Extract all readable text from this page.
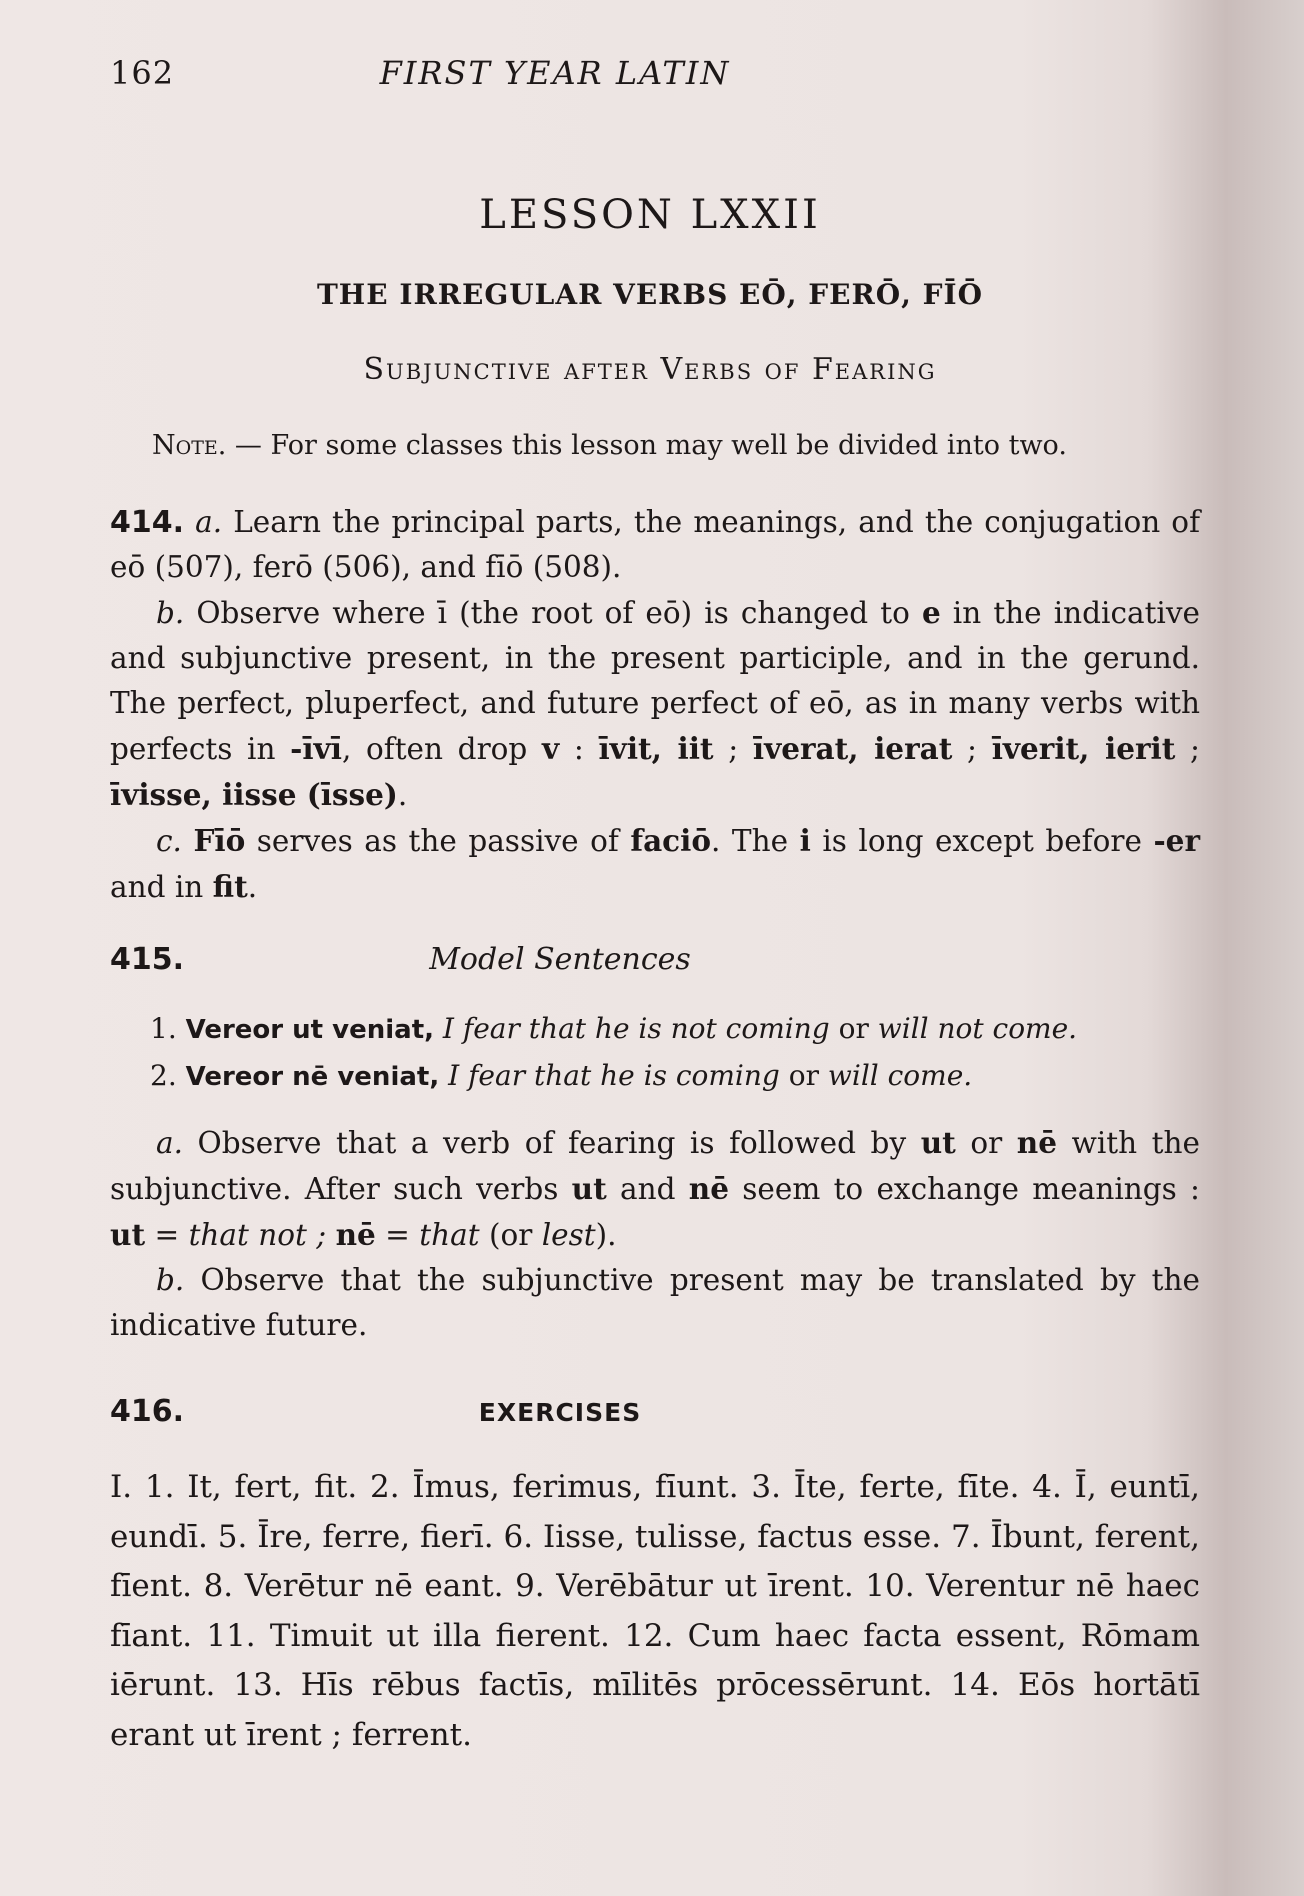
162	FIRST YEAR LATIN
LESSON LXXII
THE IRREGULAR VERBS EŌ, FERŌ, FĪŌ
Subjunctive after Verbs of Fearing
Note. — For some classes this lesson may well be divided into two.

414. a. Learn the principal parts, the meanings, and the conjugation of eō (507), ferō (506), and fīō (508).

b. Observe where ī (the root of eō) is changed to e in the indicative and subjunctive present, in the present participle, and in the gerund. The perfect, pluperfect, and future perfect of eō, as in many verbs with perfects in -īvī, often drop v : īvit, iit ; īverat, ierat ; īverit, ierit ; īvisse, iisse (īsse).

c. Fīō serves as the passive of faciō. The i is long except before -er and in fit.

415.	Model Sentences

1. Vereor ut veniat, I fear that he is not coming or will not come.

2. Vereor nē veniat, I fear that he is coming or will come.

a. Observe that a verb of fearing is followed by ut or nē with the subjunctive. After such verbs ut and nē seem to exchange meanings : ut = that not ; nē = that (or lest).

b. Observe that the subjunctive present may be translated by the indicative future.

416.	EXERCISES

I. 1. It, fert, fit. 2. Īmus, ferimus, fīunt. 3. Īte, ferte, fīte. 4. Ī, euntī, eundī. 5. Īre, ferre, fierī. 6. Iisse, tulisse, factus esse. 7. Ībunt, ferent, fīent. 8. Verētur nē eant. 9. Verēbātur ut īrent. 10. Verentur nē haec fīant. 11. Timuit ut illa fierent. 12. Cum haec facta essent, Rōmam iērunt. 13. Hīs rēbus factīs, mīlitēs prōcessērunt. 14. Eōs hortātī erant ut īrent ; ferrent.
